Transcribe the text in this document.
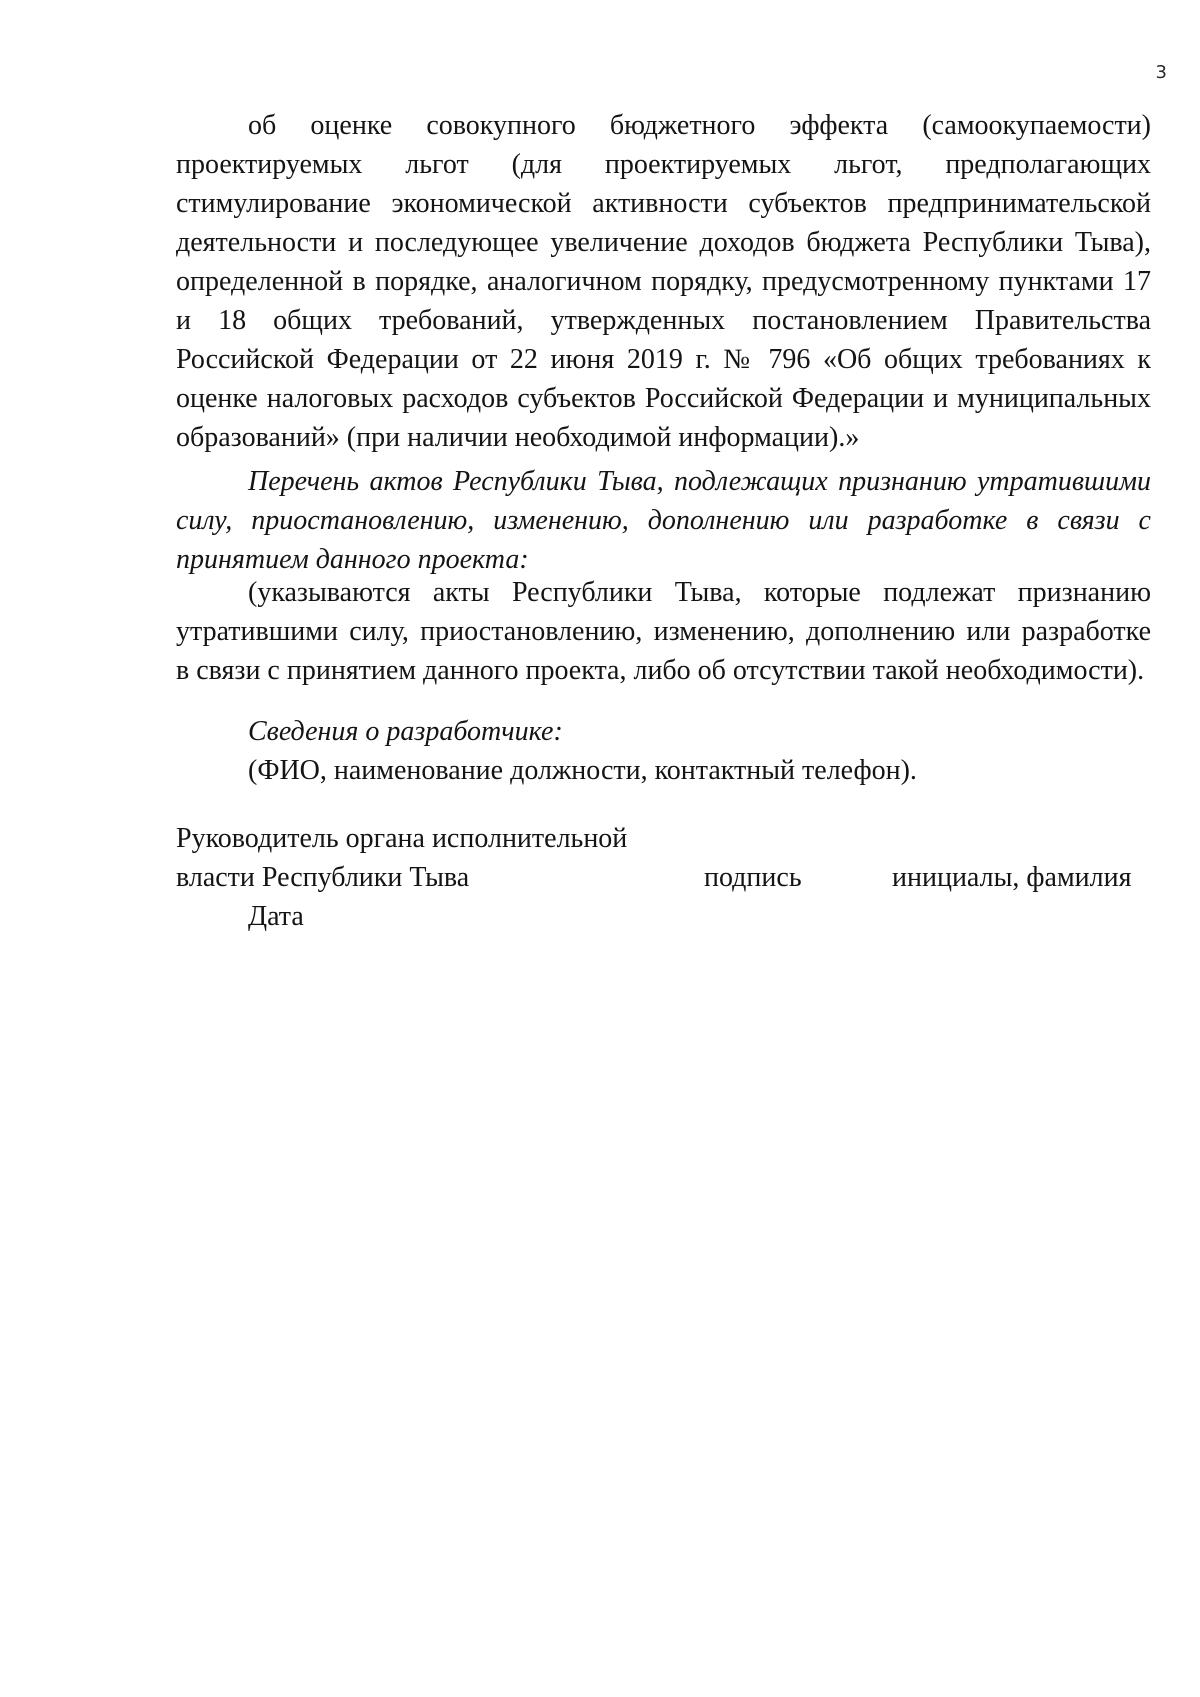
3
об оценке совокупного бюджетного эффекта (самоокупаемости)
проектируемых льгот (для проектируемых льгот, предполагающих
стимулирование экономической активности субъектов предпринимательской
деятельности и последующее увеличение доходов бюджета Республики Тыва),
определенной в порядке, аналогичном порядку, предусмотренному пунктами 17
и 18 общих требований, утвержденных постановлением Правительства
Российской Федерации от 22 июня 2019 г. № 796 «Об общих требованиях к
оценке налоговых расходов субъектов Российской Федерации и муниципальных
образований» (при наличии необходимой информации).»
Перечень актов Республики Тыва, подлежащих признанию утратившими
силу, приостановлению, изменению, дополнению или разработке в связи с
принятием данного проекта:
(указываются акты Республики Тыва, которые подлежат признанию
утратившими силу, приостановлению, изменению, дополнению или разработке
в связи с принятием данного проекта, либо об отсутствии такой необходимости).
Сведения о разработчике:
(ФИО, наименование должности, контактный телефон).
Руководитель органа исполнительной
власти Республики Тыва	подпись	инициалы, фамилия
Дата
